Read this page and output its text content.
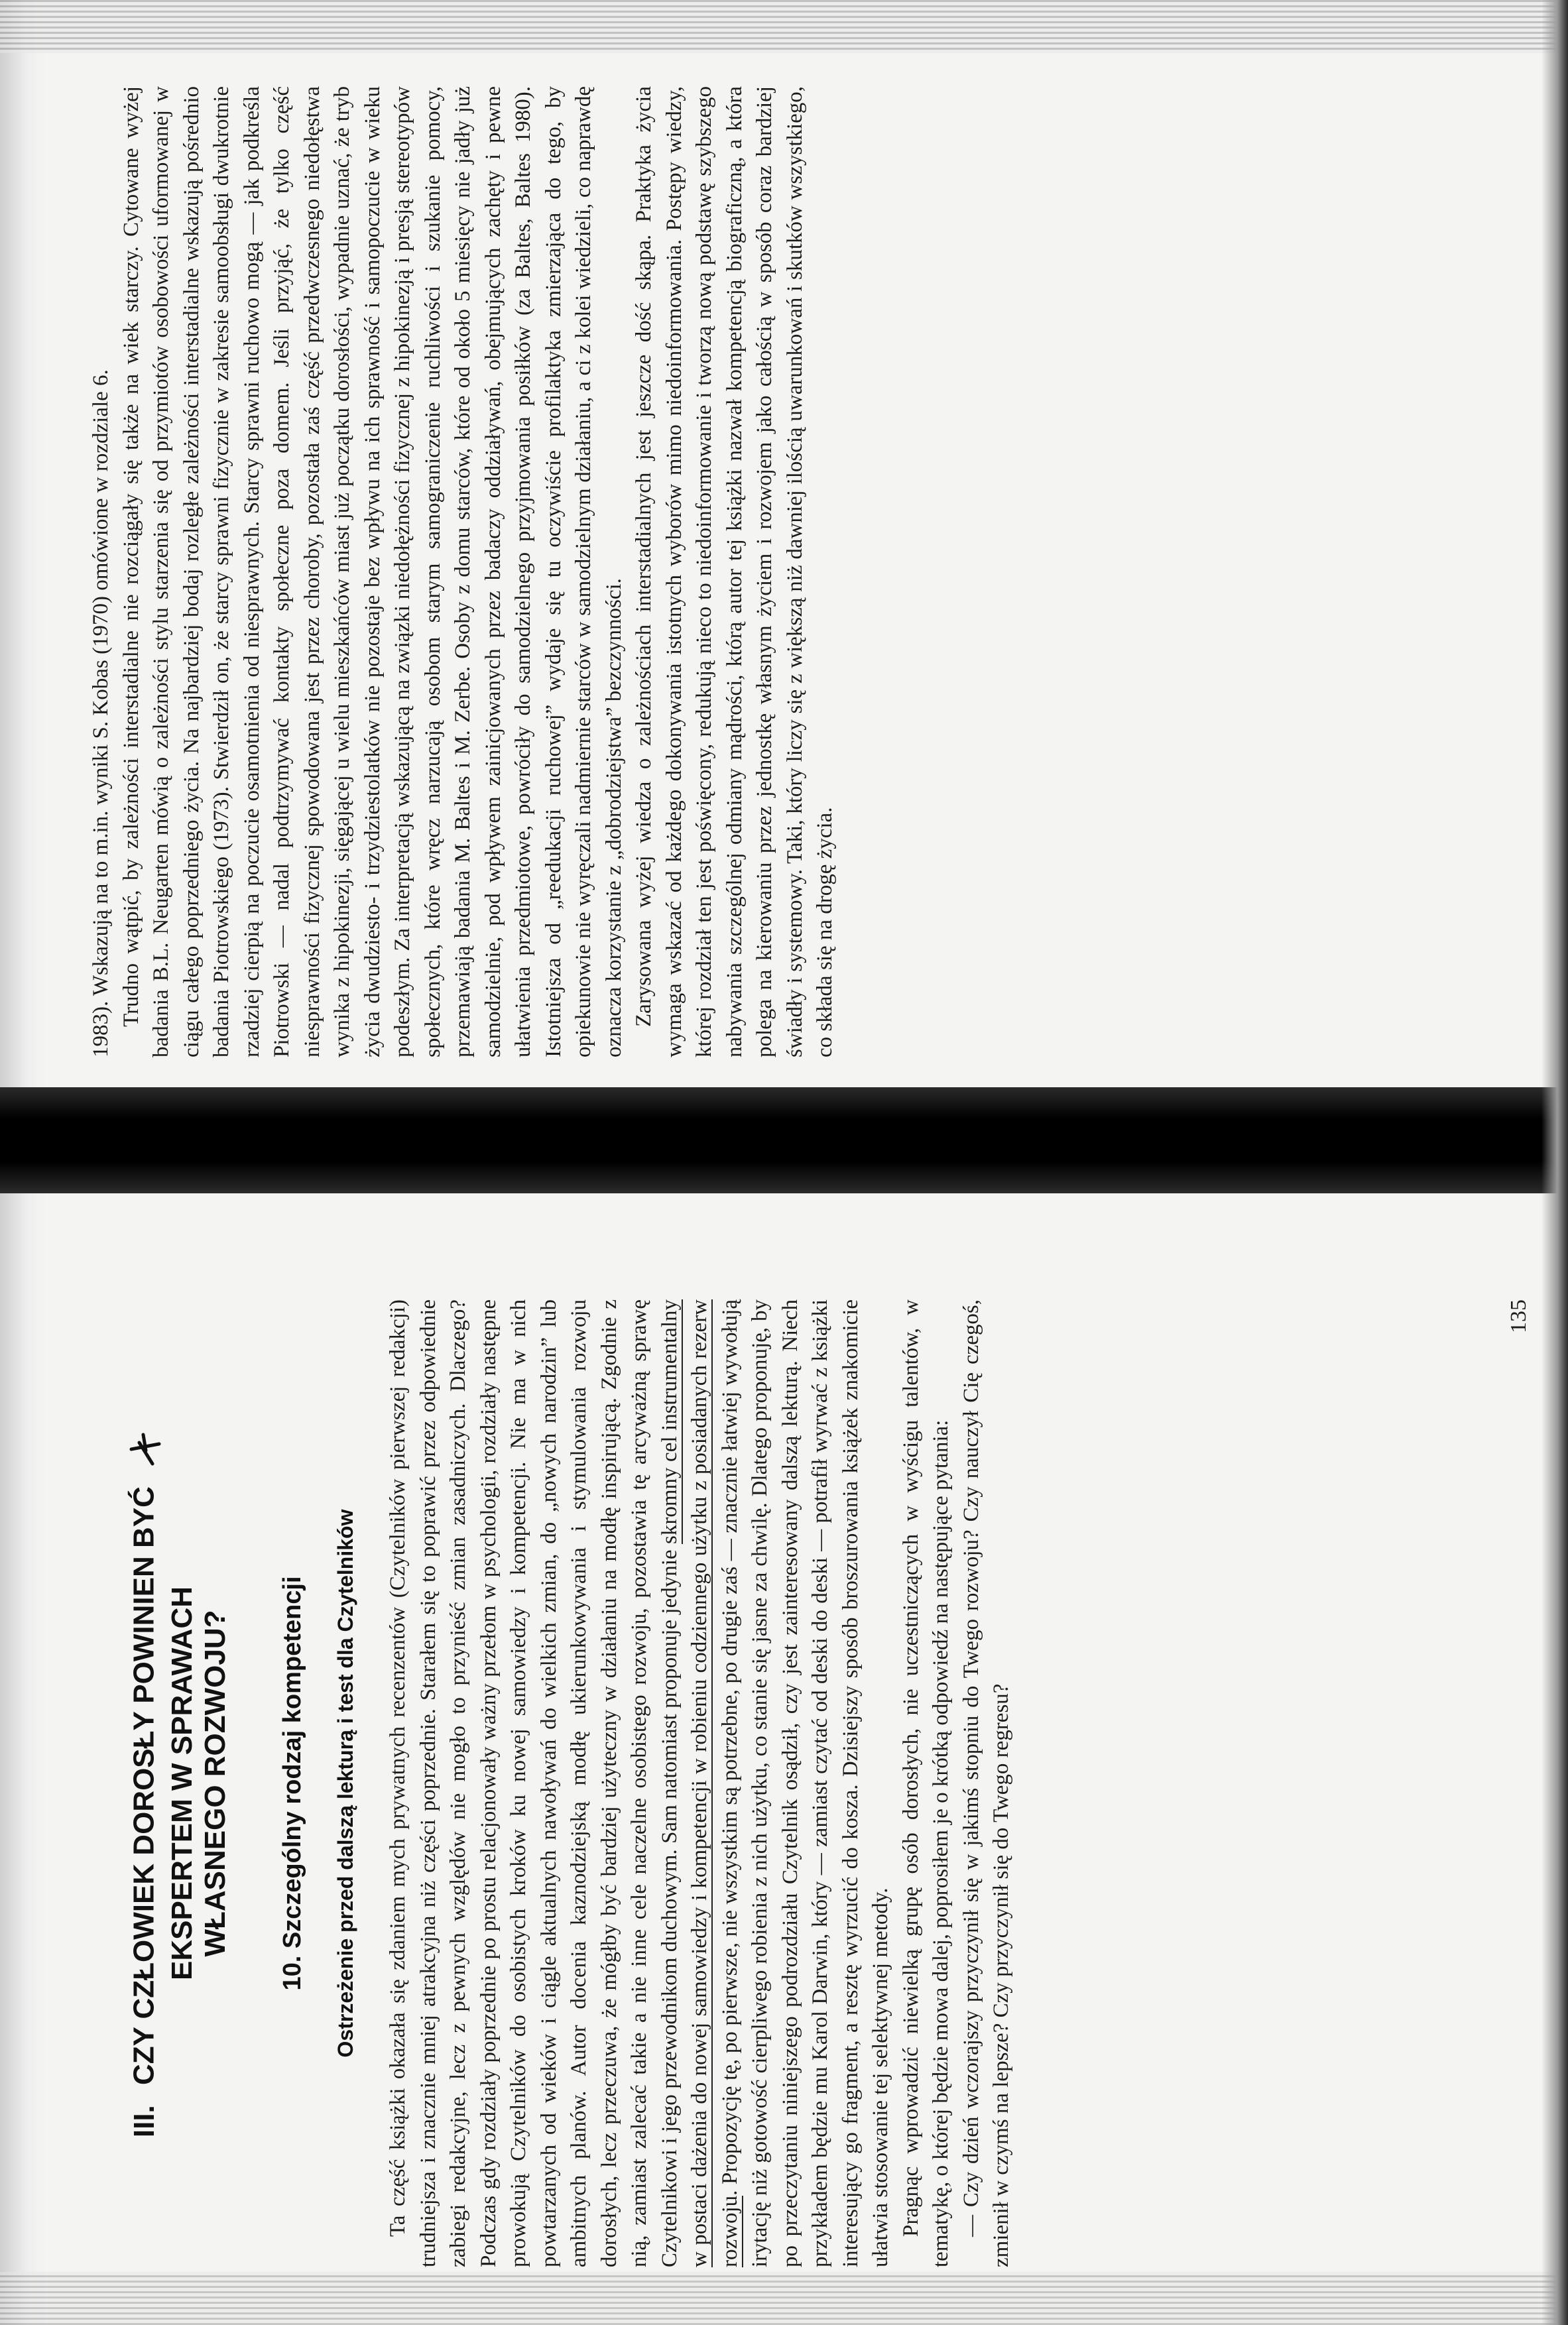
1983). Wskazują na to m.in. wyniki S. Kobas (1970) omówione w rozdziale 6. Trudno wątpić, by zależności interstadialne nie rozciągały się także na wiek starczy. Cytowane wyżej badania B.L. Neugarten mówią o zależności stylu starzenia się od przymiotów osobowości uformowanej w ciągu całego poprzedniego życia. Na najbardziej bodaj rozległe zależności interstadialne wskazują pośrednio badania Piotrowskiego (1973). Stwierdził on, że starcy sprawni fizycznie w zakresie samoobsługi dwukrotnie rzadziej cierpią na poczucie osamotnienia od niesprawnych. Starcy sprawni ruchowo mogą — jak podkreśla Piotrowski — nadal podtrzymywać kontakty społeczne poza domem. Jeśli przyjąć, że tylko część niesprawności fizycznej spowodowana jest przez choroby, pozostała zaś część przedwczesnego niedołęstwa wynika z hipokinezji, sięgającej u wielu mieszkańców miast już początku dorosłości, wypadnie uznać, że tryb życia dwudziesto- i trzydziestolatków nie pozostaje bez wpływu na ich sprawność i samopoczucie w wieku podeszłym. Za interpretacją wskazującą na związki niedołężności fizycznej z hipokinezją i presją stereotypów społecznych, które wręcz narzucają osobom starym samograniczenie ruchliwości i szukanie pomocy, przemawiają badania M. Baltes i M. Zerbe. Osoby z domu starców, które od około 5 miesięcy nie jadły już samodzielnie, pod wpływem zainicjowanych przez badaczy oddziaływań, obejmujących zachęty i pewne ułatwienia przedmiotowe, powróciły do samodzielnego przyjmowania posiłków (za Baltes, Baltes 1980). Istotniejsza od „reedukacji ruchowej” wydaje się tu oczywiście profilaktyka zmierzająca do tego, by opiekunowie nie wyręczali nadmiernie starców w samodzielnym działaniu, a ci z kolei wiedzieli, co naprawdę oznacza korzystanie z „dobrodziejstwa” bezczynności. Zarysowana wyżej wiedza o zależnościach interstadialnych jest jeszcze dość skąpa. Praktyka życia wymaga wskazać od każdego dokonywania istotnych wyborów mimo niedoinformowania. Postępy wiedzy, której rozdział ten jest poświęcony, redukują nieco to niedoinformowanie i tworzą nową podstawę szybszego nabywania szczególnej odmiany mądrości, którą autor tej książki nazwał kompetencją biograficzną, a która polega na kierowaniu przez jednostkę własnym życiem i rozwojem jako całością w sposób coraz bardziej świadły i systemowy. Taki, który liczy się z większą niż dawniej ilością uwarunkowań i skutków wszystkiego, co składa się na drogę życia.

III. CZY CZŁOWIEK DOROSŁY POWINIEN BYĆ EKSPERTEM W SPRAWACH WŁASNEGO ROZWOJU? 10. Szczególny rodzaj kompetencji Ostrzeżenie przed dalszą lekturą i test dla Czytelników Ta część książki okazała się zdaniem mych prywatnych recenzentów (Czytelników pierwszej redakcji) trudniejsza i znacznie mniej atrakcyjna niż części poprzednie. Starałem się to poprawić przez odpowiednie zabiegi redakcyjne, lecz z pewnych względów nie mogło to przynieść zmian zasadniczych. Dlaczego? Podczas gdy rozdziały poprzednie po prostu relacjonowały ważny przełom w psychologii, rozdziały następne prowokują Czytelników do osobistych kroków ku nowej samowiedzy i kompetencji. Nie ma w nich powtarzanych od wieków i ciągle aktualnych nawoływań do wielkich zmian, do „nowych narodzin” lub ambitnych planów. Autor docenia kaznodziejską modłę ukierunkowywania i stymulowania rozwoju dorosłych, lecz przeczuwa, że mógłby być bardziej użyteczny w działaniu na modłę inspirującą. Zgodnie z nią, zamiast zalecać takie a nie inne cele naczelne osobistego rozwoju, pozostawia tę arcyważną sprawę Czytelnikowi i jego przewodnikom duchowym. Sam natomiast proponuje jedynie skromny cel instrumentalny w postaci dażenia do nowej samowiedzy i kompetencji w robieniu codziennego użytku z posiadanych rezerw rozwoju. Propozycję tę, po pierwsze, nie wszystkim są potrzebne, po drugie zaś — znacznie łatwiej wywołują irytację niż gotowość cierpliwego robienia z nich użytku, co stanie się jasne za chwilę. Dlatego proponuję, by po przeczytaniu niniejszego podrozdziału Czytelnik osądził, czy jest zainteresowany dalszą lekturą. Niech przykładem będzie mu Karol Darwin, który — zamiast czytać od deski do deski — potrafił wyrwać z książki interesujący go fragment, a resztę wyrzucić do kosza. Dzisiejszy sposób broszurowania książek znakomicie ułatwia stosowanie tej selektywnej metody. Pragnąc wprowadzić niewielką grupę osób dorosłych, nie uczestniczących w wyścigu talentów, w tematykę, o której będzie mowa dalej, poprosiłem je o krótką odpowiedź na następujące pytania: — Czy dzień wczorajszy przyczynił się w jakimś stopniu do Twego rozwoju? Czy nauczył Cię czegoś, zmienił w czymś na lepsze? Czy przyczynił się do Twego regresu?

135
